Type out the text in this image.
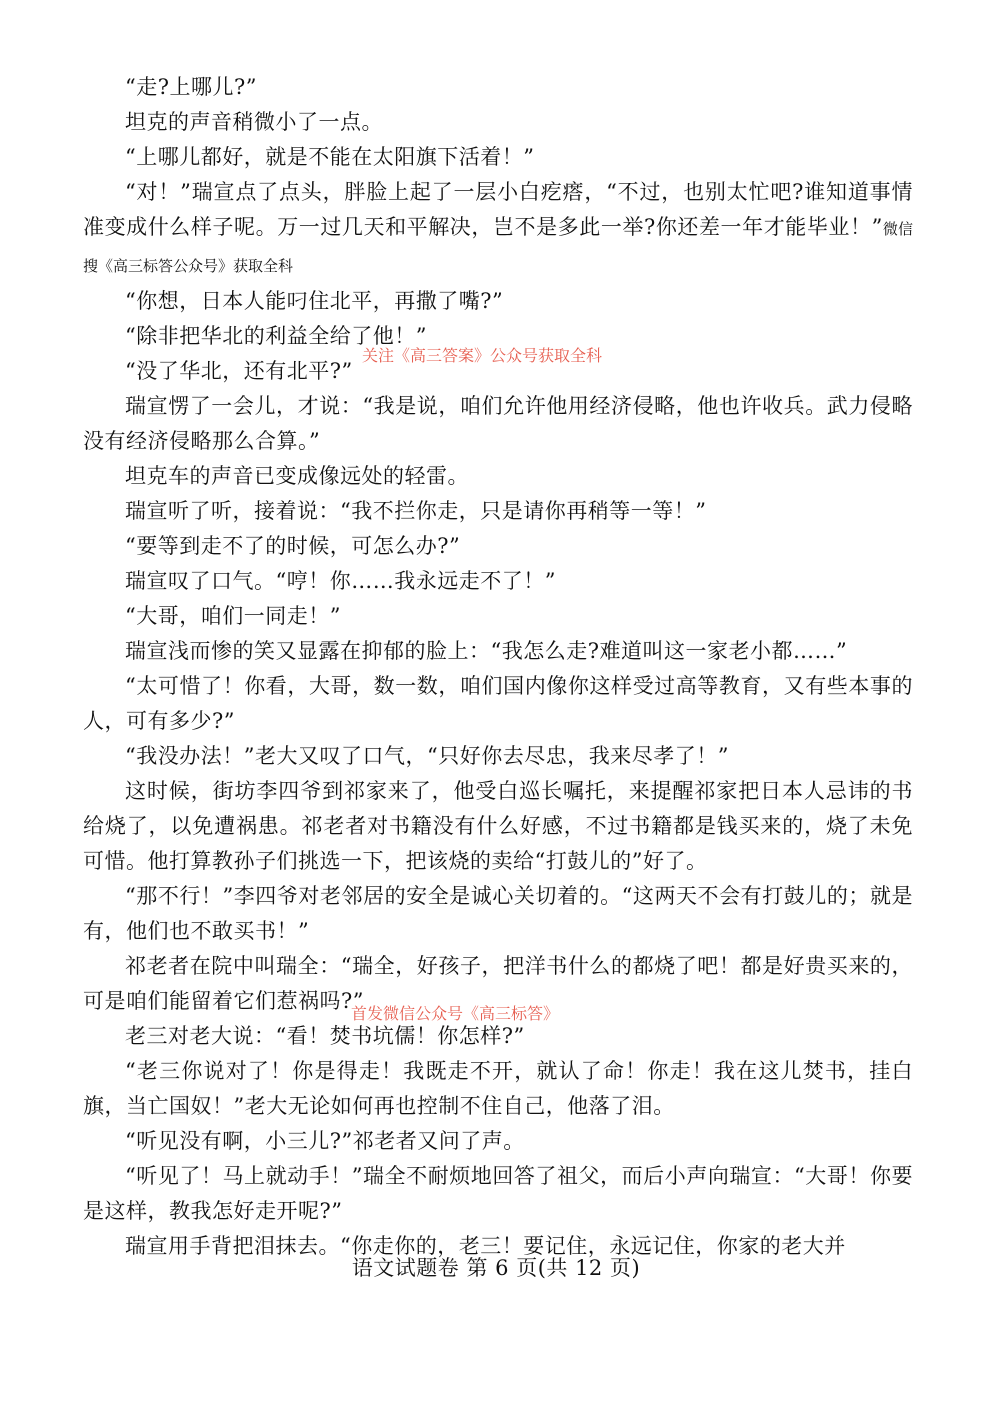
“走?上哪儿?”

坦克的声音稍微小了一点。

“上哪儿都好，就是不能在太阳旗下活着！”

“对！”瑞宣点了点头，胖脸上起了一层小白疙瘩，“不过，也别太忙吧?谁知道事情准变成什么样子呢。万一过几天和平解决，岂不是多此一举?你还差一年才能毕业！”微信搜《高三标答公众号》获取全科

“你想，日本人能叼住北平，再撒了嘴?”

“除非把华北的利益全给了他！”

“没了华北，还有北平?”

瑞宣愣了一会儿，才说：“我是说，咱们允许他用经济侵略，他也许收兵。武力侵略没有经济侵略那么合算。”

坦克车的声音已变成像远处的轻雷。

瑞宣听了听，接着说：“我不拦你走，只是请你再稍等一等！”

“要等到走不了的时候，可怎么办?”

瑞宣叹了口气。“哼！你……我永远走不了！”

“大哥，咱们一同走！”

瑞宣浅而惨的笑又显露在抑郁的脸上：“我怎么走?难道叫这一家老小都……”

“太可惜了！你看，大哥，数一数，咱们国内像你这样受过高等教育，又有些本事的人，可有多少?”

“我没办法！”老大又叹了口气，“只好你去尽忠，我来尽孝了！”

这时候，街坊李四爷到祁家来了，他受白巡长嘱托，来提醒祁家把日本人忌讳的书给烧了，以免遭祸患。祁老者对书籍没有什么好感，不过书籍都是钱买来的，烧了未免可惜。他打算教孙子们挑选一下，把该烧的卖给“打鼓儿的”好了。

“那不行！”李四爷对老邻居的安全是诚心关切着的。“这两天不会有打鼓儿的；就是有，他们也不敢买书！”

祁老者在院中叫瑞全：“瑞全，好孩子，把洋书什么的都烧了吧！都是好贵买来的，可是咱们能留着它们惹祸吗?”

老三对老大说：“看！焚书坑儒！你怎样?”

“老三你说对了！你是得走！我既走不开，就认了命！你走！我在这儿焚书，挂白旗，当亡国奴！”老大无论如何再也控制不住自己，他落了泪。

“听见没有啊，小三儿?”祁老者又问了声。

“听见了！马上就动手！”瑞全不耐烦地回答了祖父，而后小声向瑞宣：“大哥！你要是这样，教我怎好走开呢?”

瑞宣用手背把泪抹去。“你走你的，老三！要记住，永远记住，你家的老大并

关注《高三答案》公众号获取全科
首发微信公众号《高三标答》
语文试题卷 第 6 页(共 12 页)
